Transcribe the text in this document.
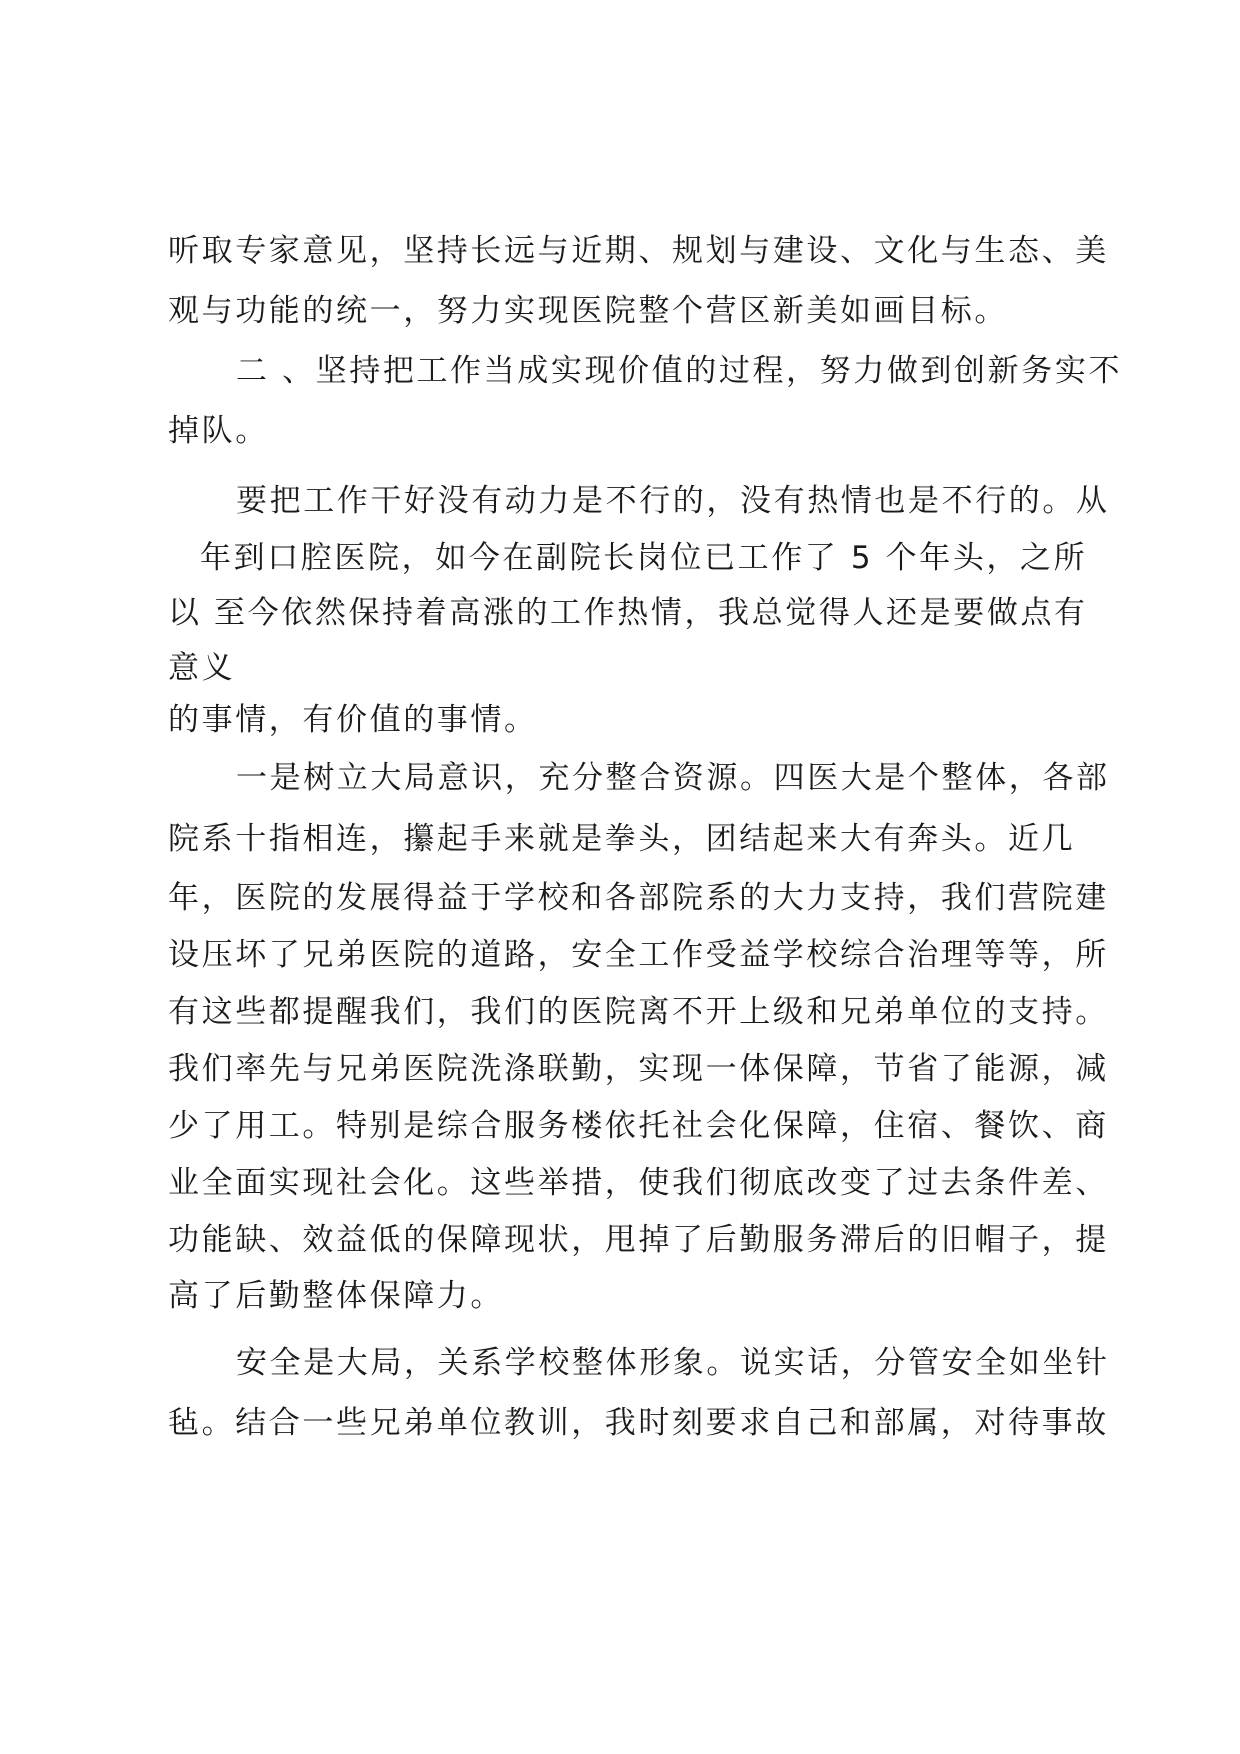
听取专家意见，坚持长远与近期、规划与建设、文化与生态、美
观与功能的统一，努力实现医院整个营区新美如画目标。
二 、坚持把工作当成实现价值的过程，努力做到创新务实不
掉队。
要把工作干好没有动力是不行的，没有热情也是不行的。从
年到口腔医院，如今在副院长岗位已工作了 5 个年头，之所
以 至今依然保持着高涨的工作热情，我总觉得人还是要做点有
意义
的事情，有价值的事情。
一是树立大局意识，充分整合资源。四医大是个整体，各部
院系十指相连，攥起手来就是拳头，团结起来大有奔头。近几
年，医院的发展得益于学校和各部院系的大力支持，我们营院建
设压坏了兄弟医院的道路，安全工作受益学校综合治理等等，所
有这些都提醒我们，我们的医院离不开上级和兄弟单位的支持。
我们率先与兄弟医院洗涤联勤，实现一体保障，节省了能源，减
少了用工。特别是综合服务楼依托社会化保障，住宿、餐饮、商
业全面实现社会化。这些举措，使我们彻底改变了过去条件差、
功能缺、效益低的保障现状，甩掉了后勤服务滞后的旧帽子，提
高了后勤整体保障力。
安全是大局，关系学校整体形象。说实话，分管安全如坐针
毡。结合一些兄弟单位教训，我时刻要求自己和部属，对待事故
